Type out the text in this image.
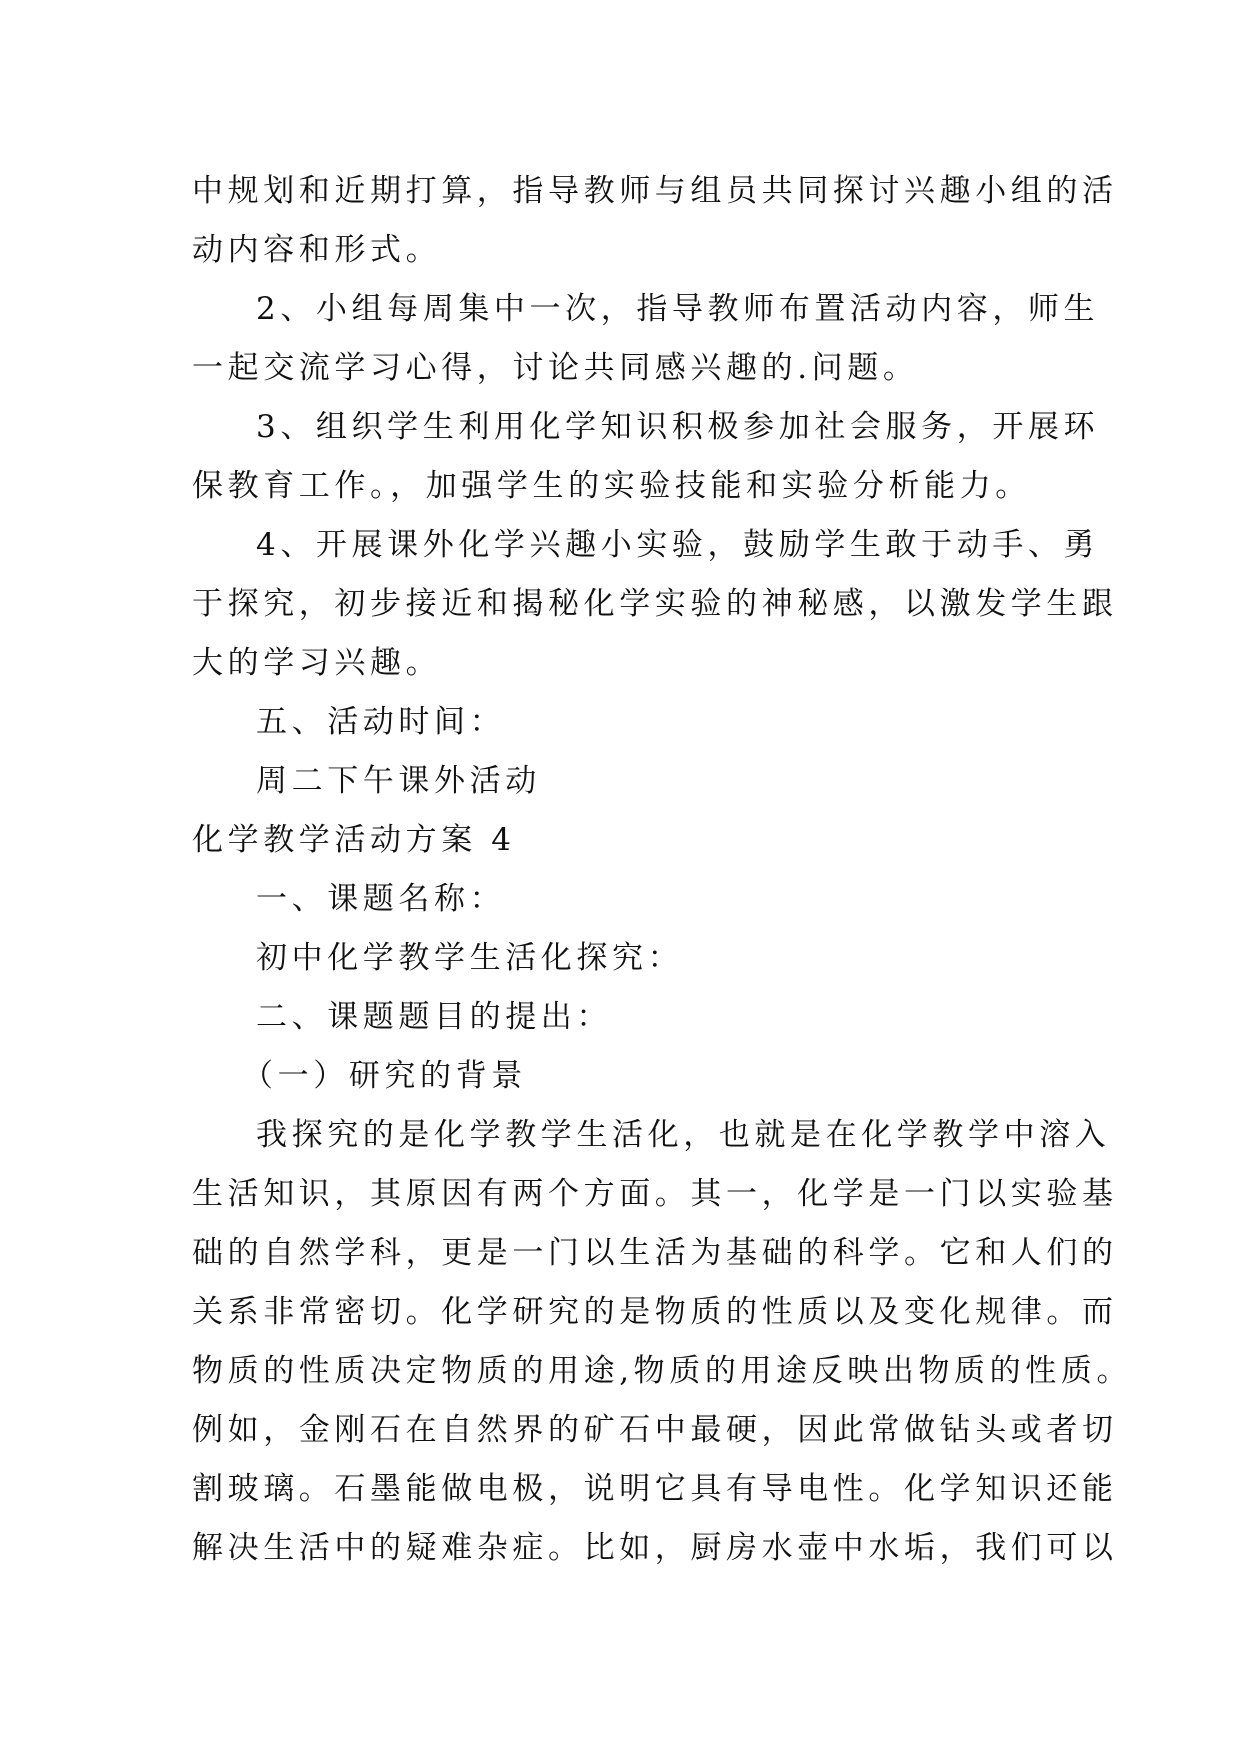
中规划和近期打算，指导教师与组员共同探讨兴趣小组的活
动内容和形式。
2、小组每周集中一次，指导教师布置活动内容，师生
一起交流学习心得，讨论共同感兴趣的.问题。
3、组织学生利用化学知识积极参加社会服务，开展环
保教育工作。，加强学生的实验技能和实验分析能力。
4、开展课外化学兴趣小实验，鼓励学生敢于动手、勇
于探究，初步接近和揭秘化学实验的神秘感，以激发学生跟
大的学习兴趣。
五、活动时间：
周二下午课外活动
化学教学活动方案 4
一、课题名称：
初中化学教学生活化探究：
二、课题题目的提出：
（一）研究的背景
我探究的是化学教学生活化，也就是在化学教学中溶入
生活知识，其原因有两个方面。其一，化学是一门以实验基
础的自然学科，更是一门以生活为基础的科学。它和人们的
关系非常密切。化学研究的是物质的性质以及变化规律。而
物质的性质决定物质的用途,物质的用途反映出物质的性质。
例如，金刚石在自然界的矿石中最硬，因此常做钻头或者切
割玻璃。石墨能做电极，说明它具有导电性。化学知识还能
解决生活中的疑难杂症。比如，厨房水壶中水垢，我们可以
